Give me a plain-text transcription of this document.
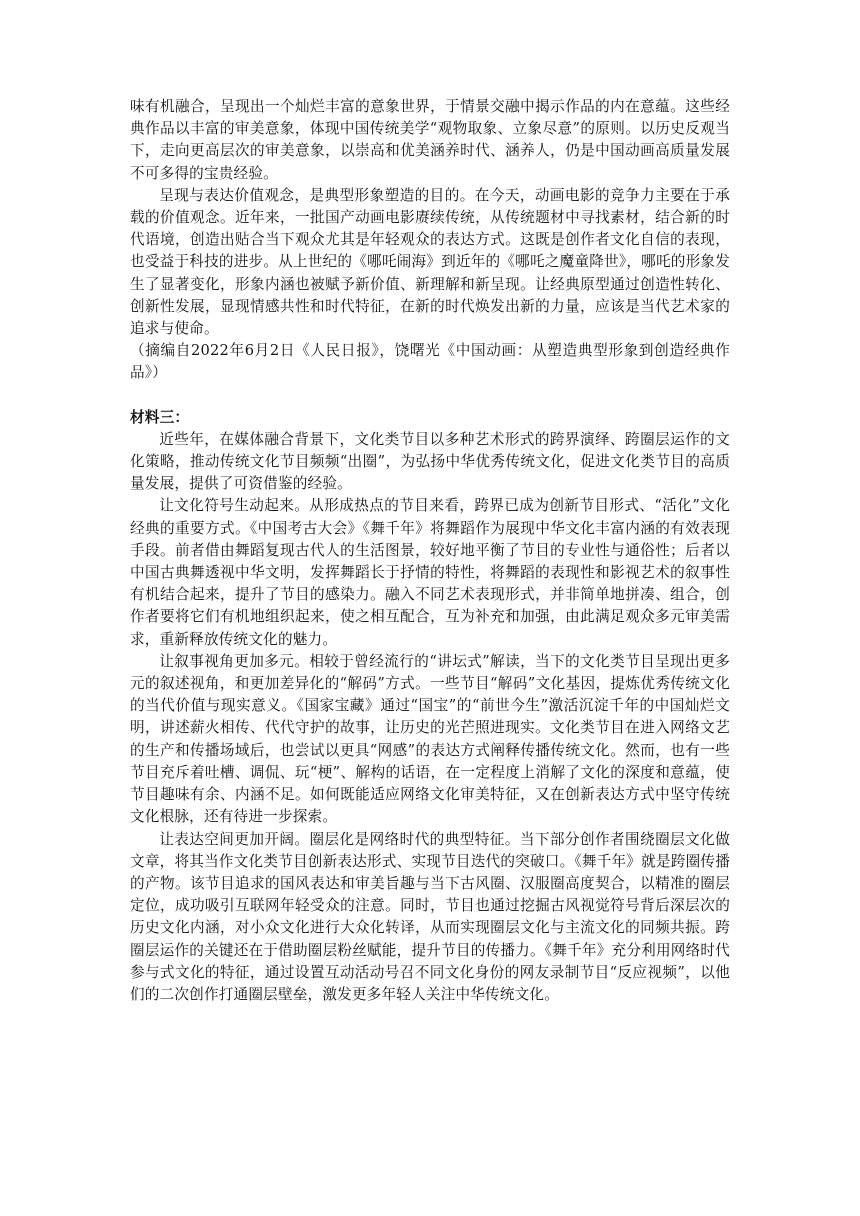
味有机融合，呈现出一个灿烂丰富的意象世界，于情景交融中揭示作品的内在意蕴。这些经典作品以丰富的审美意象，体现中国传统美学“观物取象、立象尽意”的原则。以历史反观当下，走向更高层次的审美意象，以崇高和优美涵养时代、涵养人，仍是中国动画高质量发展不可多得的宝贵经验。

呈现与表达价值观念，是典型形象塑造的目的。在今天，动画电影的竞争力主要在于承载的价值观念。近年来，一批国产动画电影赓续传统，从传统题材中寻找素材，结合新的时代语境，创造出贴合当下观众尤其是年轻观众的表达方式。这既是创作者文化自信的表现，也受益于科技的进步。从上世纪的《哪吒闹海》到近年的《哪吒之魔童降世》，哪吒的形象发生了显著变化，形象内涵也被赋予新价值、新理解和新呈现。让经典原型通过创造性转化、创新性发展，显现情感共性和时代特征，在新的时代焕发出新的力量，应该是当代艺术家的追求与使命。

（摘编自2022年6月2日《人民日报》，饶曙光《中国动画：从塑造典型形象到创造经典作品》）

材料三：

近些年，在媒体融合背景下，文化类节目以多种艺术形式的跨界演绎、跨圈层运作的文化策略，推动传统文化节目频频“出圈”，为弘扬中华优秀传统文化，促进文化类节目的高质量发展，提供了可资借鉴的经验。

让文化符号生动起来。从形成热点的节目来看，跨界已成为创新节目形式、“活化”文化经典的重要方式。《中国考古大会》《舞千年》将舞蹈作为展现中华文化丰富内涵的有效表现手段。前者借由舞蹈复现古代人的生活图景，较好地平衡了节目的专业性与通俗性；后者以中国古典舞透视中华文明，发挥舞蹈长于抒情的特性，将舞蹈的表现性和影视艺术的叙事性有机结合起来，提升了节目的感染力。融入不同艺术表现形式，并非简单地拼凑、组合，创作者要将它们有机地组织起来，使之相互配合，互为补充和加强，由此满足观众多元审美需求，重新释放传统文化的魅力。

让叙事视角更加多元。相较于曾经流行的“讲坛式”解读，当下的文化类节目呈现出更多元的叙述视角，和更加差异化的“解码”方式。一些节目“解码”文化基因，提炼优秀传统文化的当代价值与现实意义。《国家宝藏》通过“国宝”的“前世今生”激活沉淀千年的中国灿烂文明，讲述薪火相传、代代守护的故事，让历史的光芒照进现实。文化类节目在进入网络文艺的生产和传播场域后，也尝试以更具“网感”的表达方式阐释传播传统文化。然而，也有一些节目充斥着吐槽、调侃、玩“梗”、解构的话语，在一定程度上消解了文化的深度和意蕴，使节目趣味有余、内涵不足。如何既能适应网络文化审美特征，又在创新表达方式中坚守传统文化根脉，还有待进一步探索。

让表达空间更加开阔。圈层化是网络时代的典型特征。当下部分创作者围绕圈层文化做文章，将其当作文化类节目创新表达形式、实现节目迭代的突破口。《舞千年》就是跨圈传播的产物。该节目追求的国风表达和审美旨趣与当下古风圈、汉服圈高度契合，以精准的圈层定位，成功吸引互联网年轻受众的注意。同时，节目也通过挖掘古风视觉符号背后深层次的历史文化内涵，对小众文化进行大众化转译，从而实现圈层文化与主流文化的同频共振。跨圈层运作的关键还在于借助圈层粉丝赋能，提升节目的传播力。《舞千年》充分利用网络时代参与式文化的特征，通过设置互动活动号召不同文化身份的网友录制节目“反应视频”，以他们的二次创作打通圈层壁垒，激发更多年轻人关注中华传统文化。
